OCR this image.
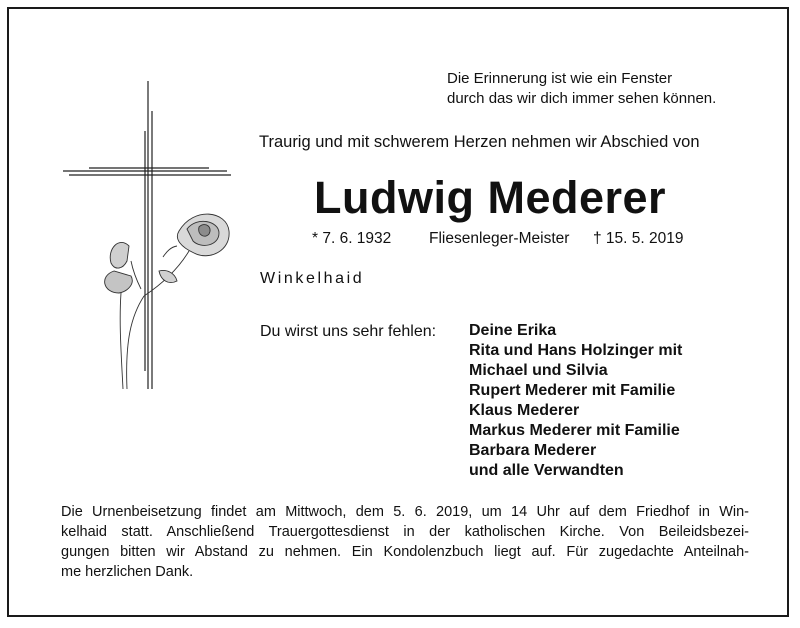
Die Erinnerung ist wie ein Fenster
durch das wir dich immer sehen können.
Traurig und mit schwerem Herzen nehmen wir Abschied von
Ludwig Mederer
* 7. 6. 1932 Fliesenleger-Meister † 15. 5. 2019
Winkelhaid
Du wirst uns sehr fehlen: Deine Erika
Rita und Hans Holzinger mit
Michael und Silvia
Rupert Mederer mit Familie
Klaus Mederer
Markus Mederer mit Familie
Barbara Mederer
und alle Verwandten
Die Urnenbeisetzung findet am Mittwoch, dem 5. 6. 2019, um 14 Uhr auf dem Friedhof in Win-
kelhaid statt. Anschließend Trauergottesdienst in der katholischen Kirche. Von Beileidsbezei-
gungen bitten wir Abstand zu nehmen. Ein Kondolenzbuch liegt auf. Für zugedachte Anteilnah-
me herzlichen Dank.
